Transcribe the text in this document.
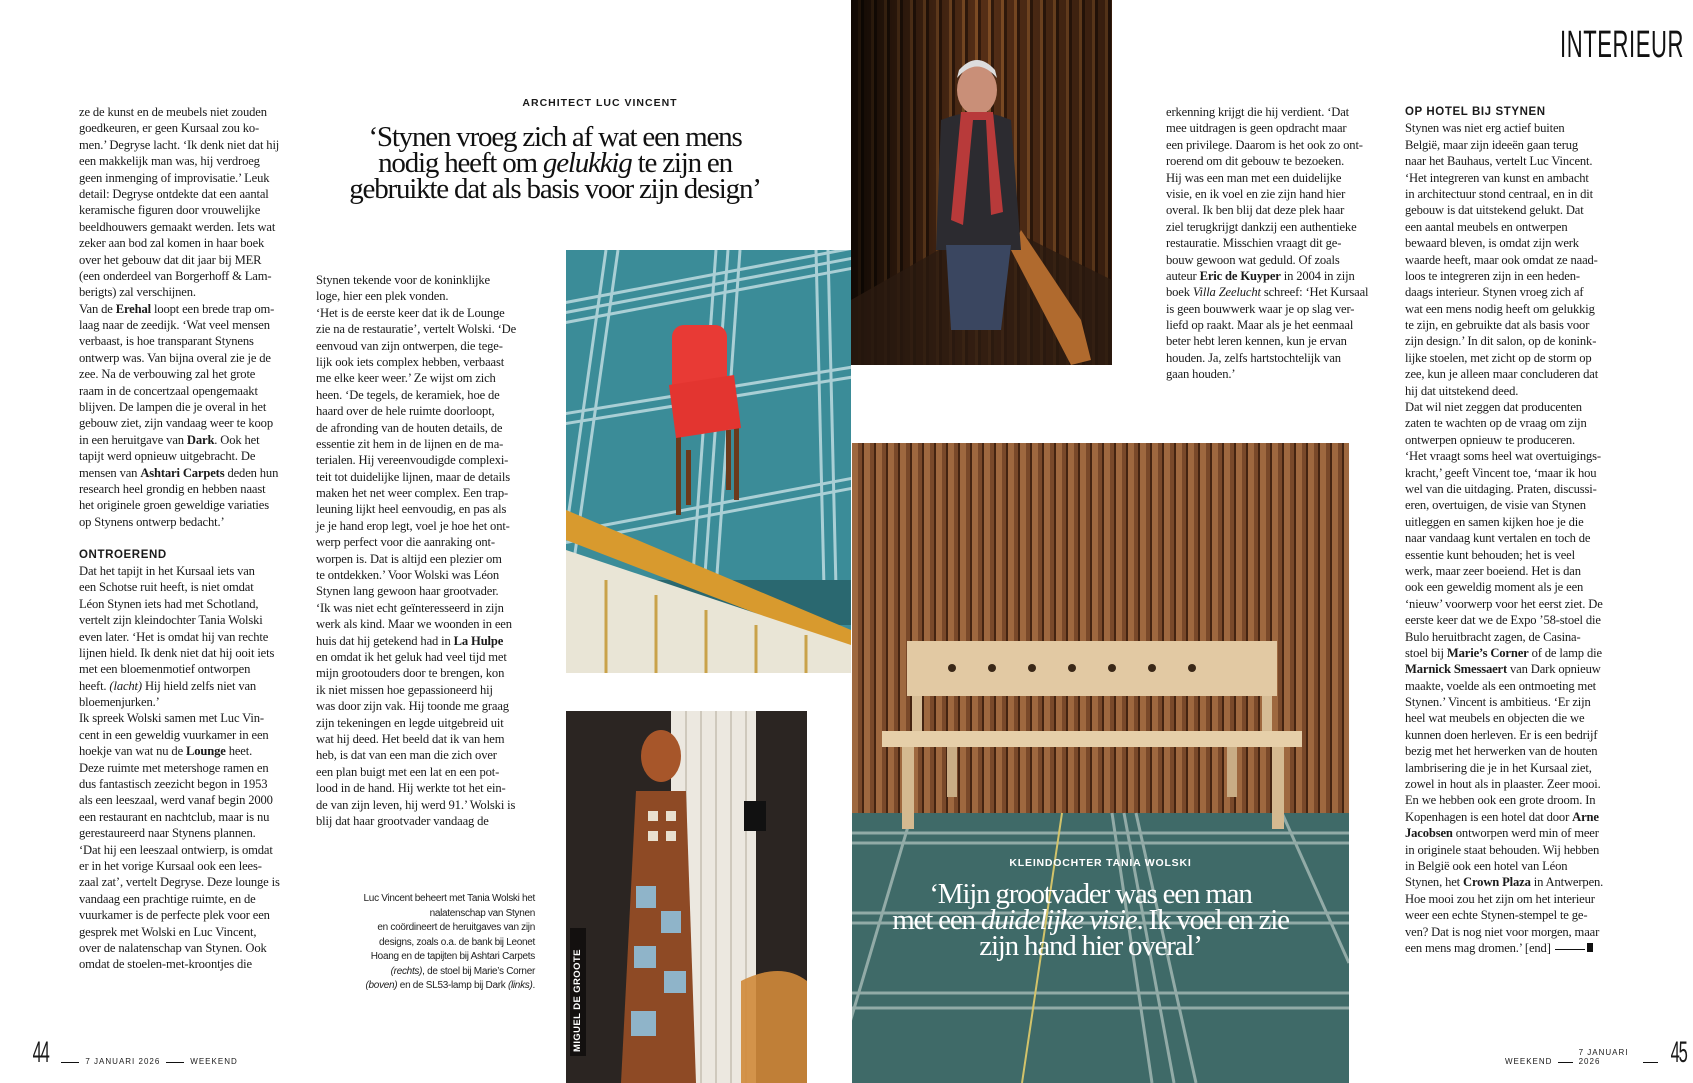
INTERIEUR
ARCHITECT LUC VINCENT
‘Stynen vroeg zich af wat een mens
nodig heeft om gelukkig te zijn en
gebruikte dat als basis voor zijn design’
ze de kunst en de meubels niet zouden
goedkeuren, er geen Kursaal zou ko-
men.’ Degryse lacht. ‘Ik denk niet dat hij
een makkelijk man was, hij verdroeg
geen inmenging of improvisatie.’ Leuk
detail: Degryse ontdekte dat een aantal
keramische figuren door vrouwelijke
beeldhouwers gemaakt werden. Iets wat
zeker aan bod zal komen in haar boek
over het gebouw dat dit jaar bij MER
(een onderdeel van Borgerhoff & Lam-
berigts) zal verschijnen.
Van de Erehal loopt een brede trap om-
laag naar de zeedijk. ‘Wat veel mensen
verbaast, is hoe transparant Stynens
ontwerp was. Van bijna overal zie je de
zee. Na de verbouwing zal het grote
raam in de concertzaal opengemaakt
blijven. De lampen die je overal in het
gebouw ziet, zijn vandaag weer te koop
in een heruitgave van Dark. Ook het
tapijt werd opnieuw uitgebracht. De
mensen van Ashtari Carpets deden hun
research heel grondig en hebben naast
het originele groen geweldige variaties
op Stynens ontwerp bedacht.’
ONTROEREND
Dat het tapijt in het Kursaal iets van
een Schotse ruit heeft, is niet omdat
Léon Stynen iets had met Schotland,
vertelt zijn kleindochter Tania Wolski
even later. ‘Het is omdat hij van rechte
lijnen hield. Ik denk niet dat hij ooit iets
met een bloemenmotief ontworpen
heeft. (lacht) Hij hield zelfs niet van
bloemenjurken.’
Ik spreek Wolski samen met Luc Vin-
cent in een geweldig vuurkamer in een
hoekje van wat nu de Lounge heet.
Deze ruimte met metershoge ramen en
dus fantastisch zeezicht begon in 1953
als een leeszaal, werd vanaf begin 2000
een restaurant en nachtclub, maar is nu
gerestaureerd naar Stynens plannen.
‘Dat hij een leeszaal ontwierp, is omdat
er in het vorige Kursaal ook een lees-
zaal zat’, vertelt Degryse. Deze lounge is
vandaag een prachtige ruimte, en de
vuurkamer is de perfecte plek voor een
gesprek met Wolski en Luc Vincent,
over de nalatenschap van Stynen. Ook
omdat de stoelen-met-kroontjes die
Stynen tekende voor de koninklijke
loge, hier een plek vonden.
‘Het is de eerste keer dat ik de Lounge
zie na de restauratie’, vertelt Wolski. ‘De
eenvoud van zijn ontwerpen, die tege-
lijk ook iets complex hebben, verbaast
me elke keer weer.’ Ze wijst om zich
heen. ‘De tegels, de keramiek, hoe de
haard over de hele ruimte doorloopt,
de afronding van de houten details, de
essentie zit hem in de lijnen en de ma-
terialen. Hij vereenvoudigde complexi-
teit tot duidelijke lijnen, maar de details
maken het net weer complex. Een trap-
leuning lijkt heel eenvoudig, en pas als
je je hand erop legt, voel je hoe het ont-
werp perfect voor die aanraking ont-
worpen is. Dat is altijd een plezier om
te ontdekken.’ Voor Wolski was Léon
Stynen lang gewoon haar grootvader.
‘Ik was niet echt geïnteresseerd in zijn
werk als kind. Maar we woonden in een
huis dat hij getekend had in La Hulpe
en omdat ik het geluk had veel tijd met
mijn grootouders door te brengen, kon
ik niet missen hoe gepassioneerd hij
was door zijn vak. Hij toonde me graag
zijn tekeningen en legde uitgebreid uit
wat hij deed. Het beeld dat ik van hem
heb, is dat van een man die zich over
een plan buigt met een lat en een pot-
lood in de hand. Hij werkte tot het ein-
de van zijn leven, hij werd 91.’ Wolski is
blij dat haar grootvader vandaag de
erkenning krijgt die hij verdient. ‘Dat
mee uitdragen is geen opdracht maar
een privilege. Daarom is het ook zo ont-
roerend om dit gebouw te bezoeken.
Hij was een man met een duidelijke
visie, en ik voel en zie zijn hand hier
overal. Ik ben blij dat deze plek haar
ziel terugkrijgt dankzij een authentieke
restauratie. Misschien vraagt dit ge-
bouw gewoon wat geduld. Of zoals
auteur Eric de Kuyper in 2004 in zijn
boek Villa Zeelucht schreef: ‘Het Kursaal
is geen bouwwerk waar je op slag ver-
liefd op raakt. Maar als je het eenmaal
beter hebt leren kennen, kun je ervan
houden. Ja, zelfs hartstochtelijk van
gaan houden.’
OP HOTEL BIJ STYNEN
Stynen was niet erg actief buiten
België, maar zijn ideeën gaan terug
naar het Bauhaus, vertelt Luc Vincent.
‘Het integreren van kunst en ambacht
in architectuur stond centraal, en in dit
gebouw is dat uitstekend gelukt. Dat
een aantal meubels en ontwerpen
bewaard bleven, is omdat zijn werk
waarde heeft, maar ook omdat ze naad-
loos te integreren zijn in een heden-
daags interieur. Stynen vroeg zich af
wat een mens nodig heeft om gelukkig
te zijn, en gebruikte dat als basis voor
zijn design.’ In dit salon, op de konink-
lijke stoelen, met zicht op de storm op
zee, kun je alleen maar concluderen dat
hij dat uitstekend deed.
Dat wil niet zeggen dat producenten
zaten te wachten op de vraag om zijn
ontwerpen opnieuw te produceren.
‘Het vraagt soms heel wat overtuigings-
kracht,’ geeft Vincent toe, ‘maar ik hou
wel van die uitdaging. Praten, discussi-
eren, overtuigen, de visie van Stynen
uitleggen en samen kijken hoe je die
naar vandaag kunt vertalen en toch de
essentie kunt behouden; het is veel
werk, maar zeer boeiend. Het is dan
ook een geweldig moment als je een
‘nieuw’ voorwerp voor het eerst ziet. De
eerste keer dat we de Expo ’58-stoel die
Bulo heruitbracht zagen, de Casina-
stoel bij Marie’s Corner of de lamp die
Marnick Smessaert van Dark opnieuw
maakte, voelde als een ontmoeting met
Stynen.’ Vincent is ambitieus. ‘Er zijn
heel wat meubels en objecten die we
kunnen doen herleven. Er is een bedrijf
bezig met het herwerken van de houten
lambrisering die je in het Kursaal ziet,
zowel in hout als in plaaster. Zeer mooi.
En we hebben ook een grote droom. In
Kopenhagen is een hotel dat door Arne
Jacobsen ontworpen werd min of meer
in originele staat behouden. Wij hebben
in België ook een hotel van Léon
Stynen, het Crown Plaza in Antwerpen.
Hoe mooi zou het zijn om het interieur
weer een echte Stynen-stempel te ge-
ven? Dat is nog niet voor morgen, maar
een mens mag dromen.’ [end]
MIGUEL DE GROOTE
Luc Vincent beheert met Tania Wolski het
nalatenschap van Stynen
en coördineert de heruitgaves van zijn
designs, zoals o.a. de bank bij Leonet
Hoang en de tapijten bij Ashtari Carpets
(rechts), de stoel bij Marie’s Corner
(boven) en de SL53-lamp bij Dark (links).
KLEINDOCHTER TANIA WOLSKI
‘Mijn grootvader was een man
met een duidelijke visie. Ik voel en zie
zijn hand hier overal’
44	7 JANUARI 2026	WEEKEND	WEEKEND
7 JANUARI 2026	45
